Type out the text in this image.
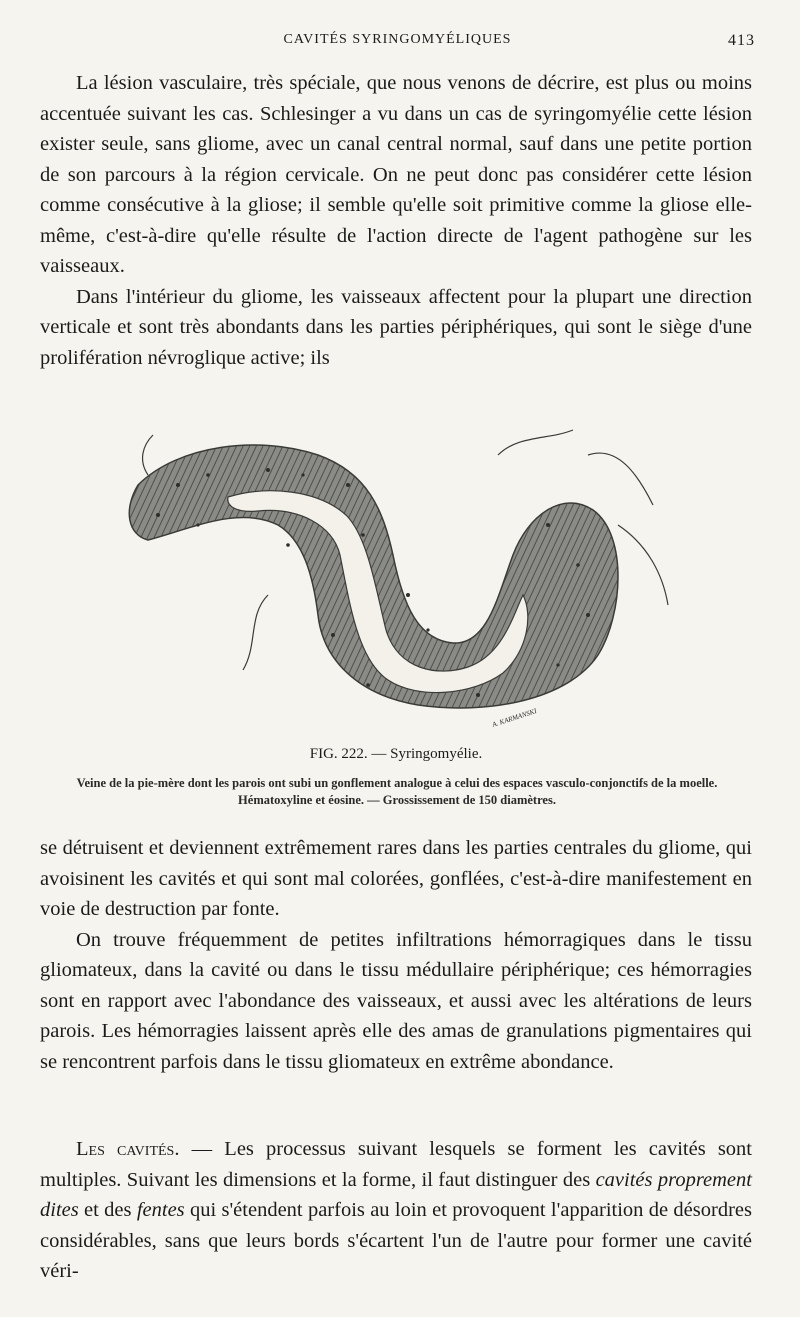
CAVITÉS SYRINGOMYÉLIQUES	413

La lésion vasculaire, très spéciale, que nous venons de décrire, est plus ou moins accentuée suivant les cas. Schlesinger a vu dans un cas de syringomyélie cette lésion exister seule, sans gliome, avec un canal central normal, sauf dans une petite portion de son parcours à la région cervicale. On ne peut donc pas considérer cette lésion comme consécutive à la gliose; il semble qu'elle soit primitive comme la gliose elle-même, c'est-à-dire qu'elle résulte de l'action directe de l'agent pathogène sur les vaisseaux.

Dans l'intérieur du gliome, les vaisseaux affectent pour la plupart une direction verticale et sont très abondants dans les parties périphériques, qui sont le siège d'une prolifération névroglique active; ils

A. KARMANSKI
FIG. 222. — Syringomyélie.
Veine de la pie-mère dont les parois ont subi un gonflement analogue à celui des espaces vasculo-conjonctifs de la moelle. Hématoxyline et éosine. — Grossissement de 150 diamètres.

se détruisent et deviennent extrêmement rares dans les parties centrales du gliome, qui avoisinent les cavités et qui sont mal colorées, gonflées, c'est-à-dire manifestement en voie de destruction par fonte.

On trouve fréquemment de petites infiltrations hémorragiques dans le tissu gliomateux, dans la cavité ou dans le tissu médullaire périphérique; ces hémorragies sont en rapport avec l'abondance des vaisseaux, et aussi avec les altérations de leurs parois. Les hémorragies laissent après elle des amas de granulations pigmentaires qui se rencontrent parfois dans le tissu gliomateux en extrême abondance.

Les cavités. — Les processus suivant lesquels se forment les cavités sont multiples. Suivant les dimensions et la forme, il faut distinguer des cavités proprement dites et des fentes qui s'étendent parfois au loin et provoquent l'apparition de désordres considérables, sans que leurs bords s'écartent l'un de l'autre pour former une cavité véri-
